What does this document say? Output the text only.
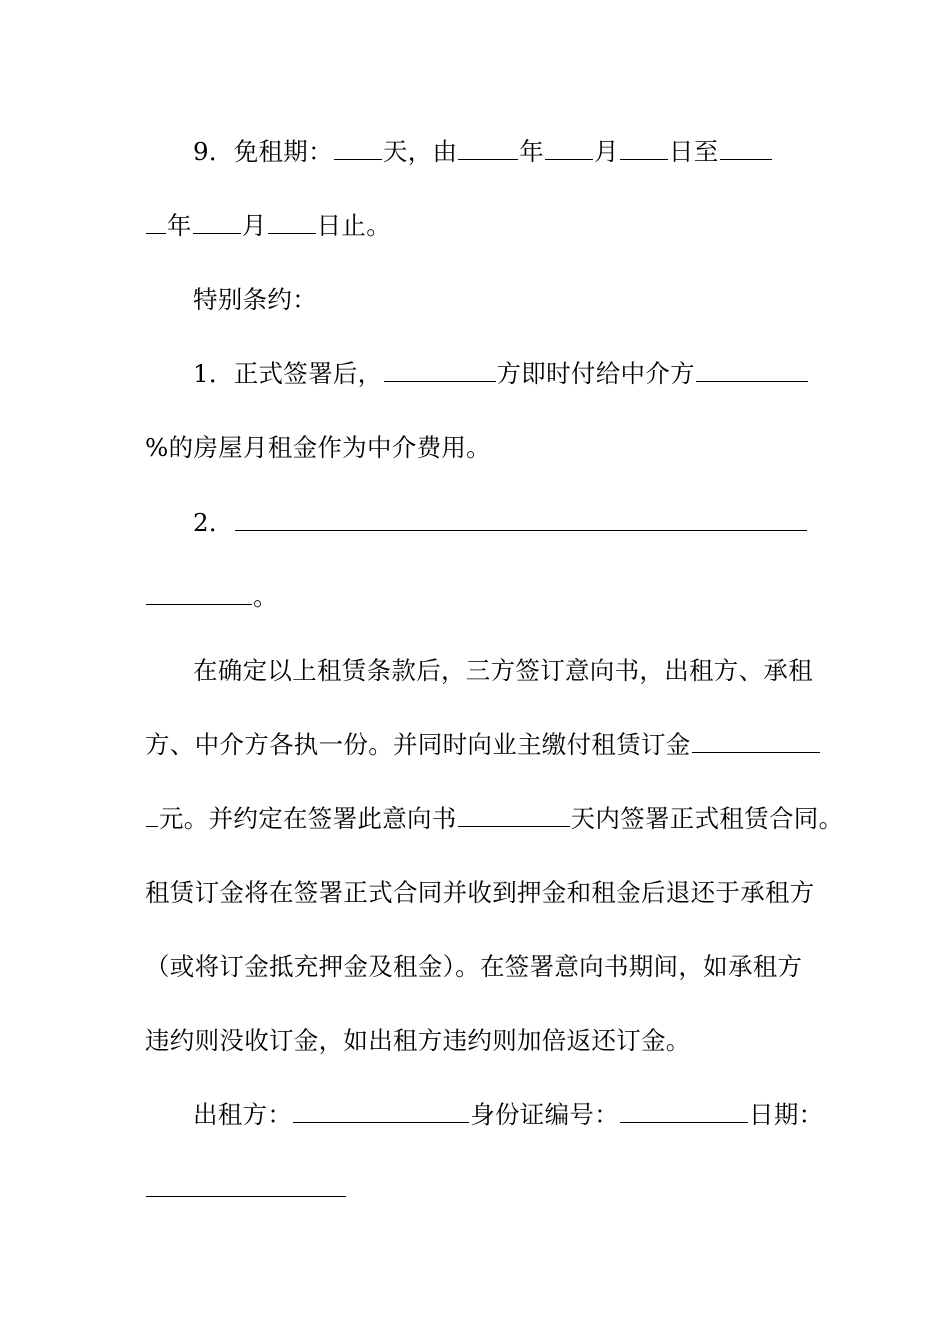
9．免租期： 天，由	年 月 日至
年 月 日止。
特别条约：
1．正式签署后，	方即时付给中介方
%的房屋月租金作为中介费用。
2．
。
在确定以上租赁条款后，三方签订意向书，出租方、承租
方、中介方各执一份。并同时向业主缴付租赁订金
元。并约定在签署此意向书	天内签署正式租赁合同。
租赁订金将在签署正式合同并收到押金和租金后退还于承租方
（或将订金抵充押金及租金）。在签署意向书期间，如承租方
违约则没收订金，如出租方违约则加倍返还订金。
出租方：	身份证编号：	日期：
